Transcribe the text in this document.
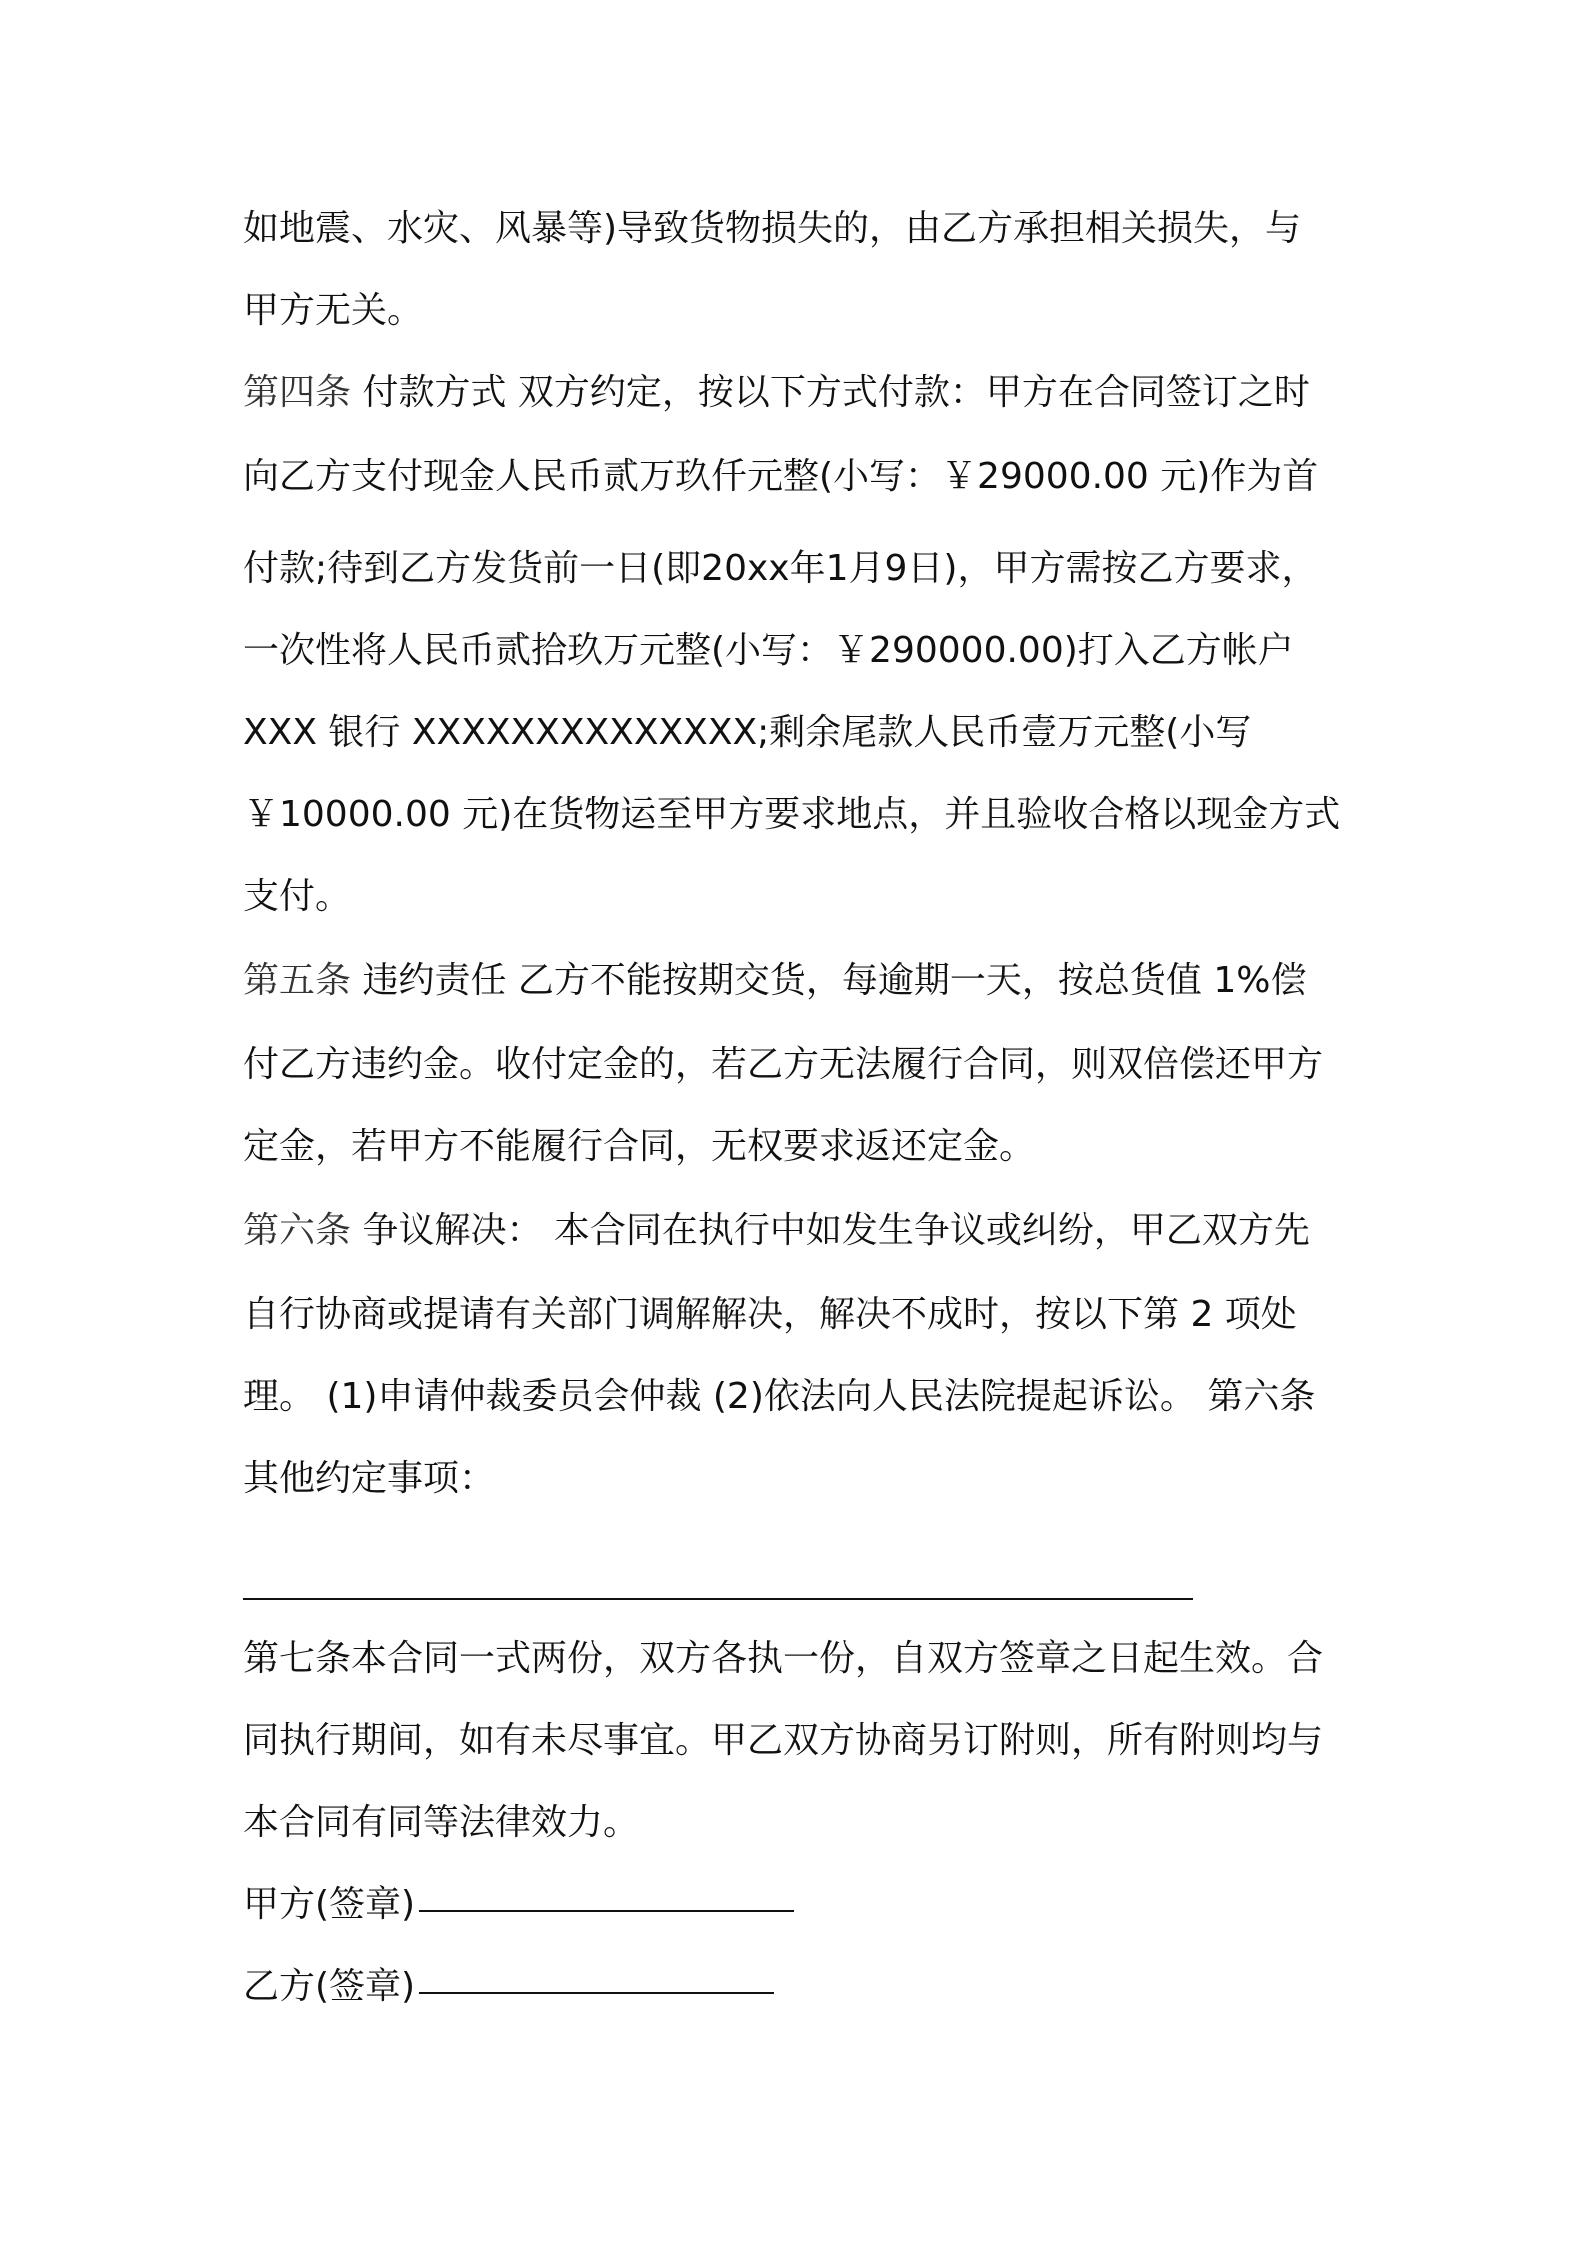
如地震、水灾、风暴等)导致货物损失的，由乙方承担相关损失，与
甲方无关。
第四条 付款方式 双方约定，按以下方式付款：甲方在合同签订之时
向乙方支付现金人民币贰万玖仟元整(小写：￥29000.00 元)作为首
付款;待到乙方发货前一日(即20xx年1月9日)，甲方需按乙方要求，
一次性将人民币贰拾玖万元整(小写：￥290000.00)打入乙方帐户
XXX 银行 XXXXXXXXXXXXXX;剩余尾款人民币壹万元整(小写
￥10000.00 元)在货物运至甲方要求地点，并且验收合格以现金方式
支付。
第五条 违约责任 乙方不能按期交货，每逾期一天，按总货值 1%偿
付乙方违约金。收付定金的，若乙方无法履行合同，则双倍偿还甲方
定金，若甲方不能履行合同，无权要求返还定金。
第六条 争议解决： 本合同在执行中如发生争议或纠纷，甲乙双方先
自行协商或提请有关部门调解解决，解决不成时，按以下第 2 项处
理。 (1)申请仲裁委员会仲裁 (2)依法向人民法院提起诉讼。 第六条
其他约定事项：
第七条本合同一式两份，双方各执一份，自双方签章之日起生效。合
同执行期间，如有未尽事宜。甲乙双方协商另订附则，所有附则均与
本合同有同等法律效力。
甲方(签章)
乙方(签章)
